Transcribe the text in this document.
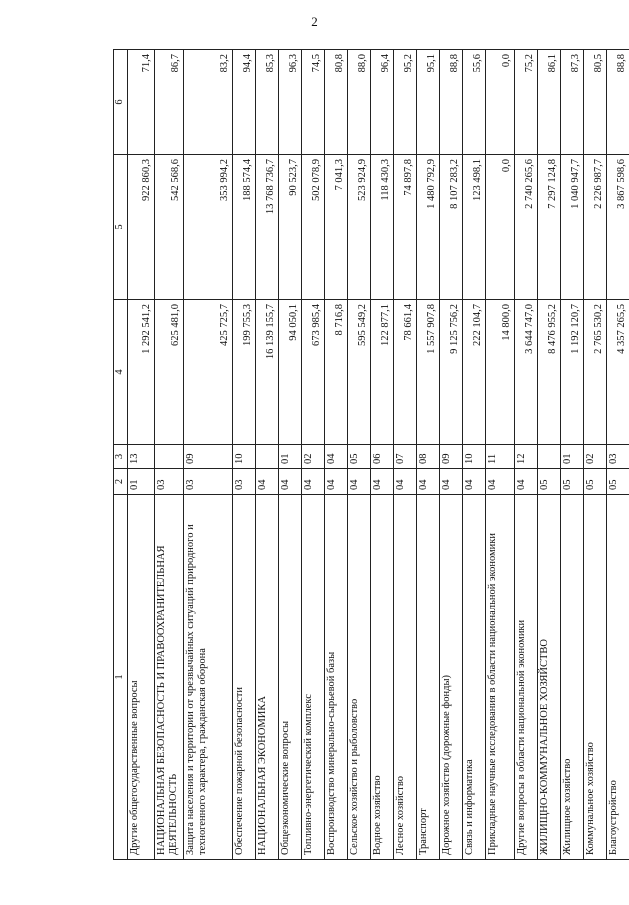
2
1	2	3	4	5	6
Другие общегосударственные вопросы	01	13	1 292 541,2	922 860,3	71,4
НАЦИОНАЛЬНАЯ БЕЗОПАСНОСТЬ И ПРАВООХРАНИТЕЛЬНАЯ ДЕЯТЕЛЬНОСТЬ	03		625 481,0	542 568,6	86,7
Защита населения и территории от чрезвычайных ситуаций природного и техногенного характера, гражданская оборона	03	09	425 725,7	353 994,2	83,2
Обеспечение пожарной безопасности	03	10	199 755,3	188 574,4	94,4
НАЦИОНАЛЬНАЯ ЭКОНОМИКА	04		16 139 155,7	13 768 736,7	85,3
Общеэкономические вопросы	04	01	94 050,1	90 523,7	96,3
Топливно-энергетический комплекс	04	02	673 985,4	502 078,9	74,5
Воспроизводство минерально-сырьевой базы	04	04	8 716,8	7 041,3	80,8
Сельское хозяйство и рыболовство	04	05	595 549,2	523 924,9	88,0
Водное хозяйство	04	06	122 877,1	118 430,3	96,4
Лесное хозяйство	04	07	78 661,4	74 897,8	95,2
Транспорт	04	08	1 557 907,8	1 480 792,9	95,1
Дорожное хозяйство (дорожные фонды)	04	09	9 125 756,2	8 107 283,2	88,8
Связь и информатика	04	10	222 104,7	123 498,1	55,6
Прикладные научные исследования в области национальной экономики	04	11	14 800,0	0,0	0,0
Другие вопросы в области национальной экономики	04	12	3 644 747,0	2 740 265,6	75,2
ЖИЛИЩНО-КОММУНАЛЬНОЕ ХОЗЯЙСТВО	05		8 476 955,2	7 297 124,8	86,1
Жилищное хозяйство	05	01	1 192 120,7	1 040 947,7	87,3
Коммунальное хозяйство	05	02	2 765 530,2	2 226 987,7	80,5
Благоустройство	05	03	4 357 265,5	3 867 598,6	88,8
